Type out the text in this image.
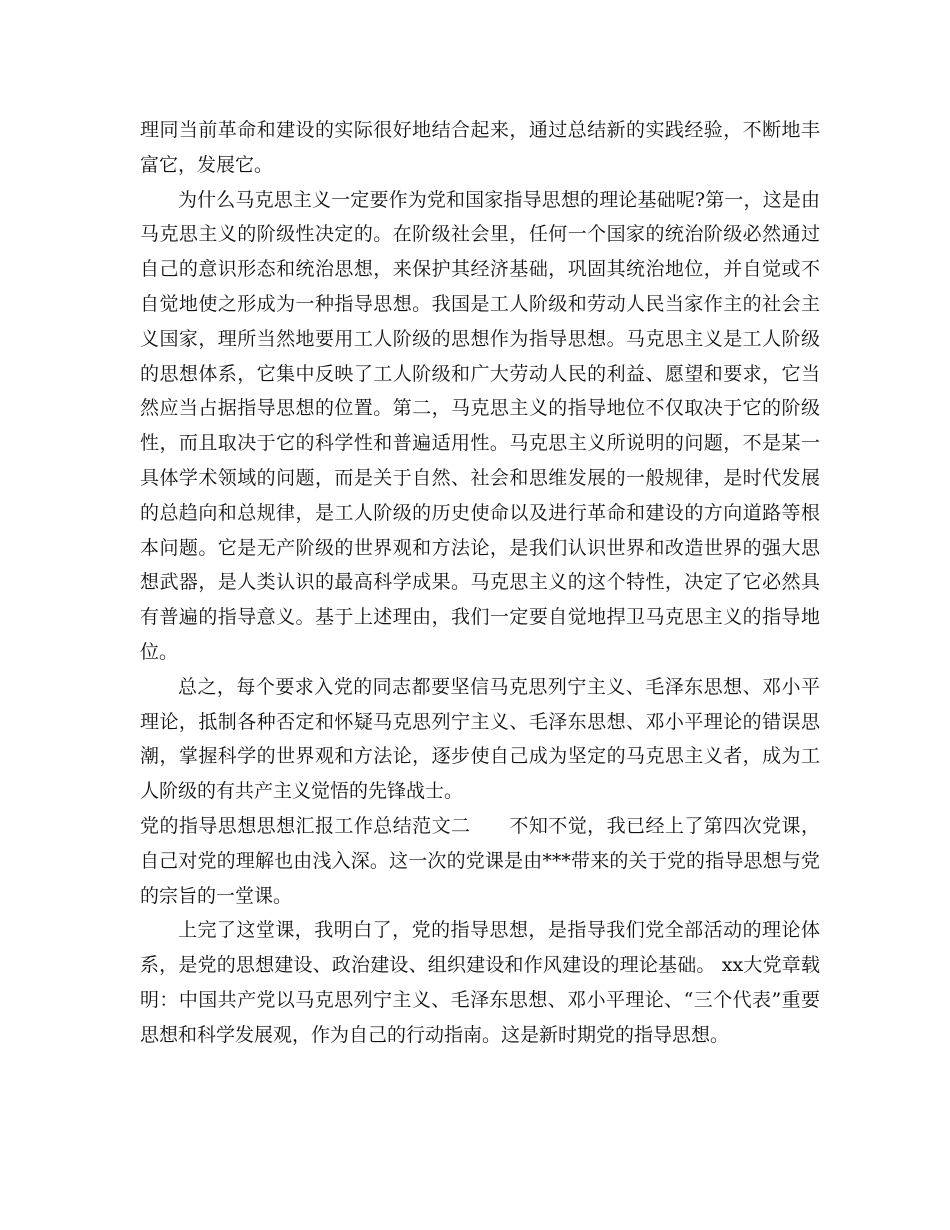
理同当前革命和建设的实际很好地结合起来，通过总结新的实践经验，不断地丰富它，发展它。

为什么马克思主义一定要作为党和国家指导思想的理论基础呢?第一，这是由马克思主义的阶级性决定的。在阶级社会里，任何一个国家的统治阶级必然通过自己的意识形态和统治思想，来保护其经济基础，巩固其统治地位，并自觉或不自觉地使之形成为一种指导思想。我国是工人阶级和劳动人民当家作主的社会主义国家，理所当然地要用工人阶级的思想作为指导思想。马克思主义是工人阶级的思想体系，它集中反映了工人阶级和广大劳动人民的利益、愿望和要求，它当然应当占据指导思想的位置。第二，马克思主义的指导地位不仅取决于它的阶级性，而且取决于它的科学性和普遍适用性。马克思主义所说明的问题，不是某一具体学术领域的问题，而是关于自然、社会和思维发展的一般规律，是时代发展的总趋向和总规律，是工人阶级的历史使命以及进行革命和建设的方向道路等根本问题。它是无产阶级的世界观和方法论，是我们认识世界和改造世界的强大思想武器，是人类认识的最高科学成果。马克思主义的这个特性，决定了它必然具有普遍的指导意义。基于上述理由，我们一定要自觉地捍卫马克思主义的指导地位。

总之，每个要求入党的同志都要坚信马克思列宁主义、毛泽东思想、邓小平理论，抵制各种否定和怀疑马克思列宁主义、毛泽东思想、邓小平理论的错误思潮，掌握科学的世界观和方法论，逐步使自己成为坚定的马克思主义者，成为工人阶级的有共产主义觉悟的先锋战士。

党的指导思想思想汇报工作总结范文二　　不知不觉，我已经上了第四次党课，自己对党的理解也由浅入深。这一次的党课是由***带来的关于党的指导思想与党的宗旨的一堂课。

上完了这堂课，我明白了，党的指导思想，是指导我们党全部活动的理论体系，是党的思想建设、政治建设、组织建设和作风建设的理论基础。 xx大党章载明：中国共产党以马克思列宁主义、毛泽东思想、邓小平理论、“三个代表”重要思想和科学发展观，作为自己的行动指南。这是新时期党的指导思想。
